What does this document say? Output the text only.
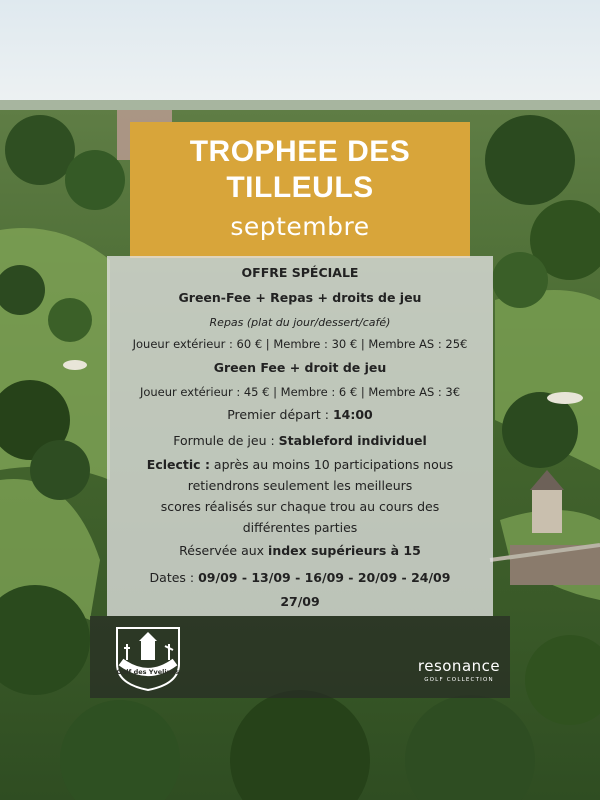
TROPHEE DES
TILLEULS
septembre
OFFRE SPÉCIALE
Green-Fee + Repas + droits de jeu
Repas (plat du jour/dessert/café)
Joueur extérieur : 60 € | Membre : 30 € | Membre AS : 25€
Green Fee + droit de jeu
Joueur extérieur : 45 € | Membre : 6 € | Membre AS : 3€
Premier départ : 14:00
Formule de jeu : Stableford individuel
Eclectic : après au moins 10 participations nous
retiendrons seulement les meilleurs
scores réalisés sur chaque trou au cours des
différentes parties
Réservée aux index supérieurs à 15
Dates : 09/09 - 13/09 - 16/09 - 20/09 - 24/09
27/09
Golf des Yvelines	resonance
GOLF COLLECTION
